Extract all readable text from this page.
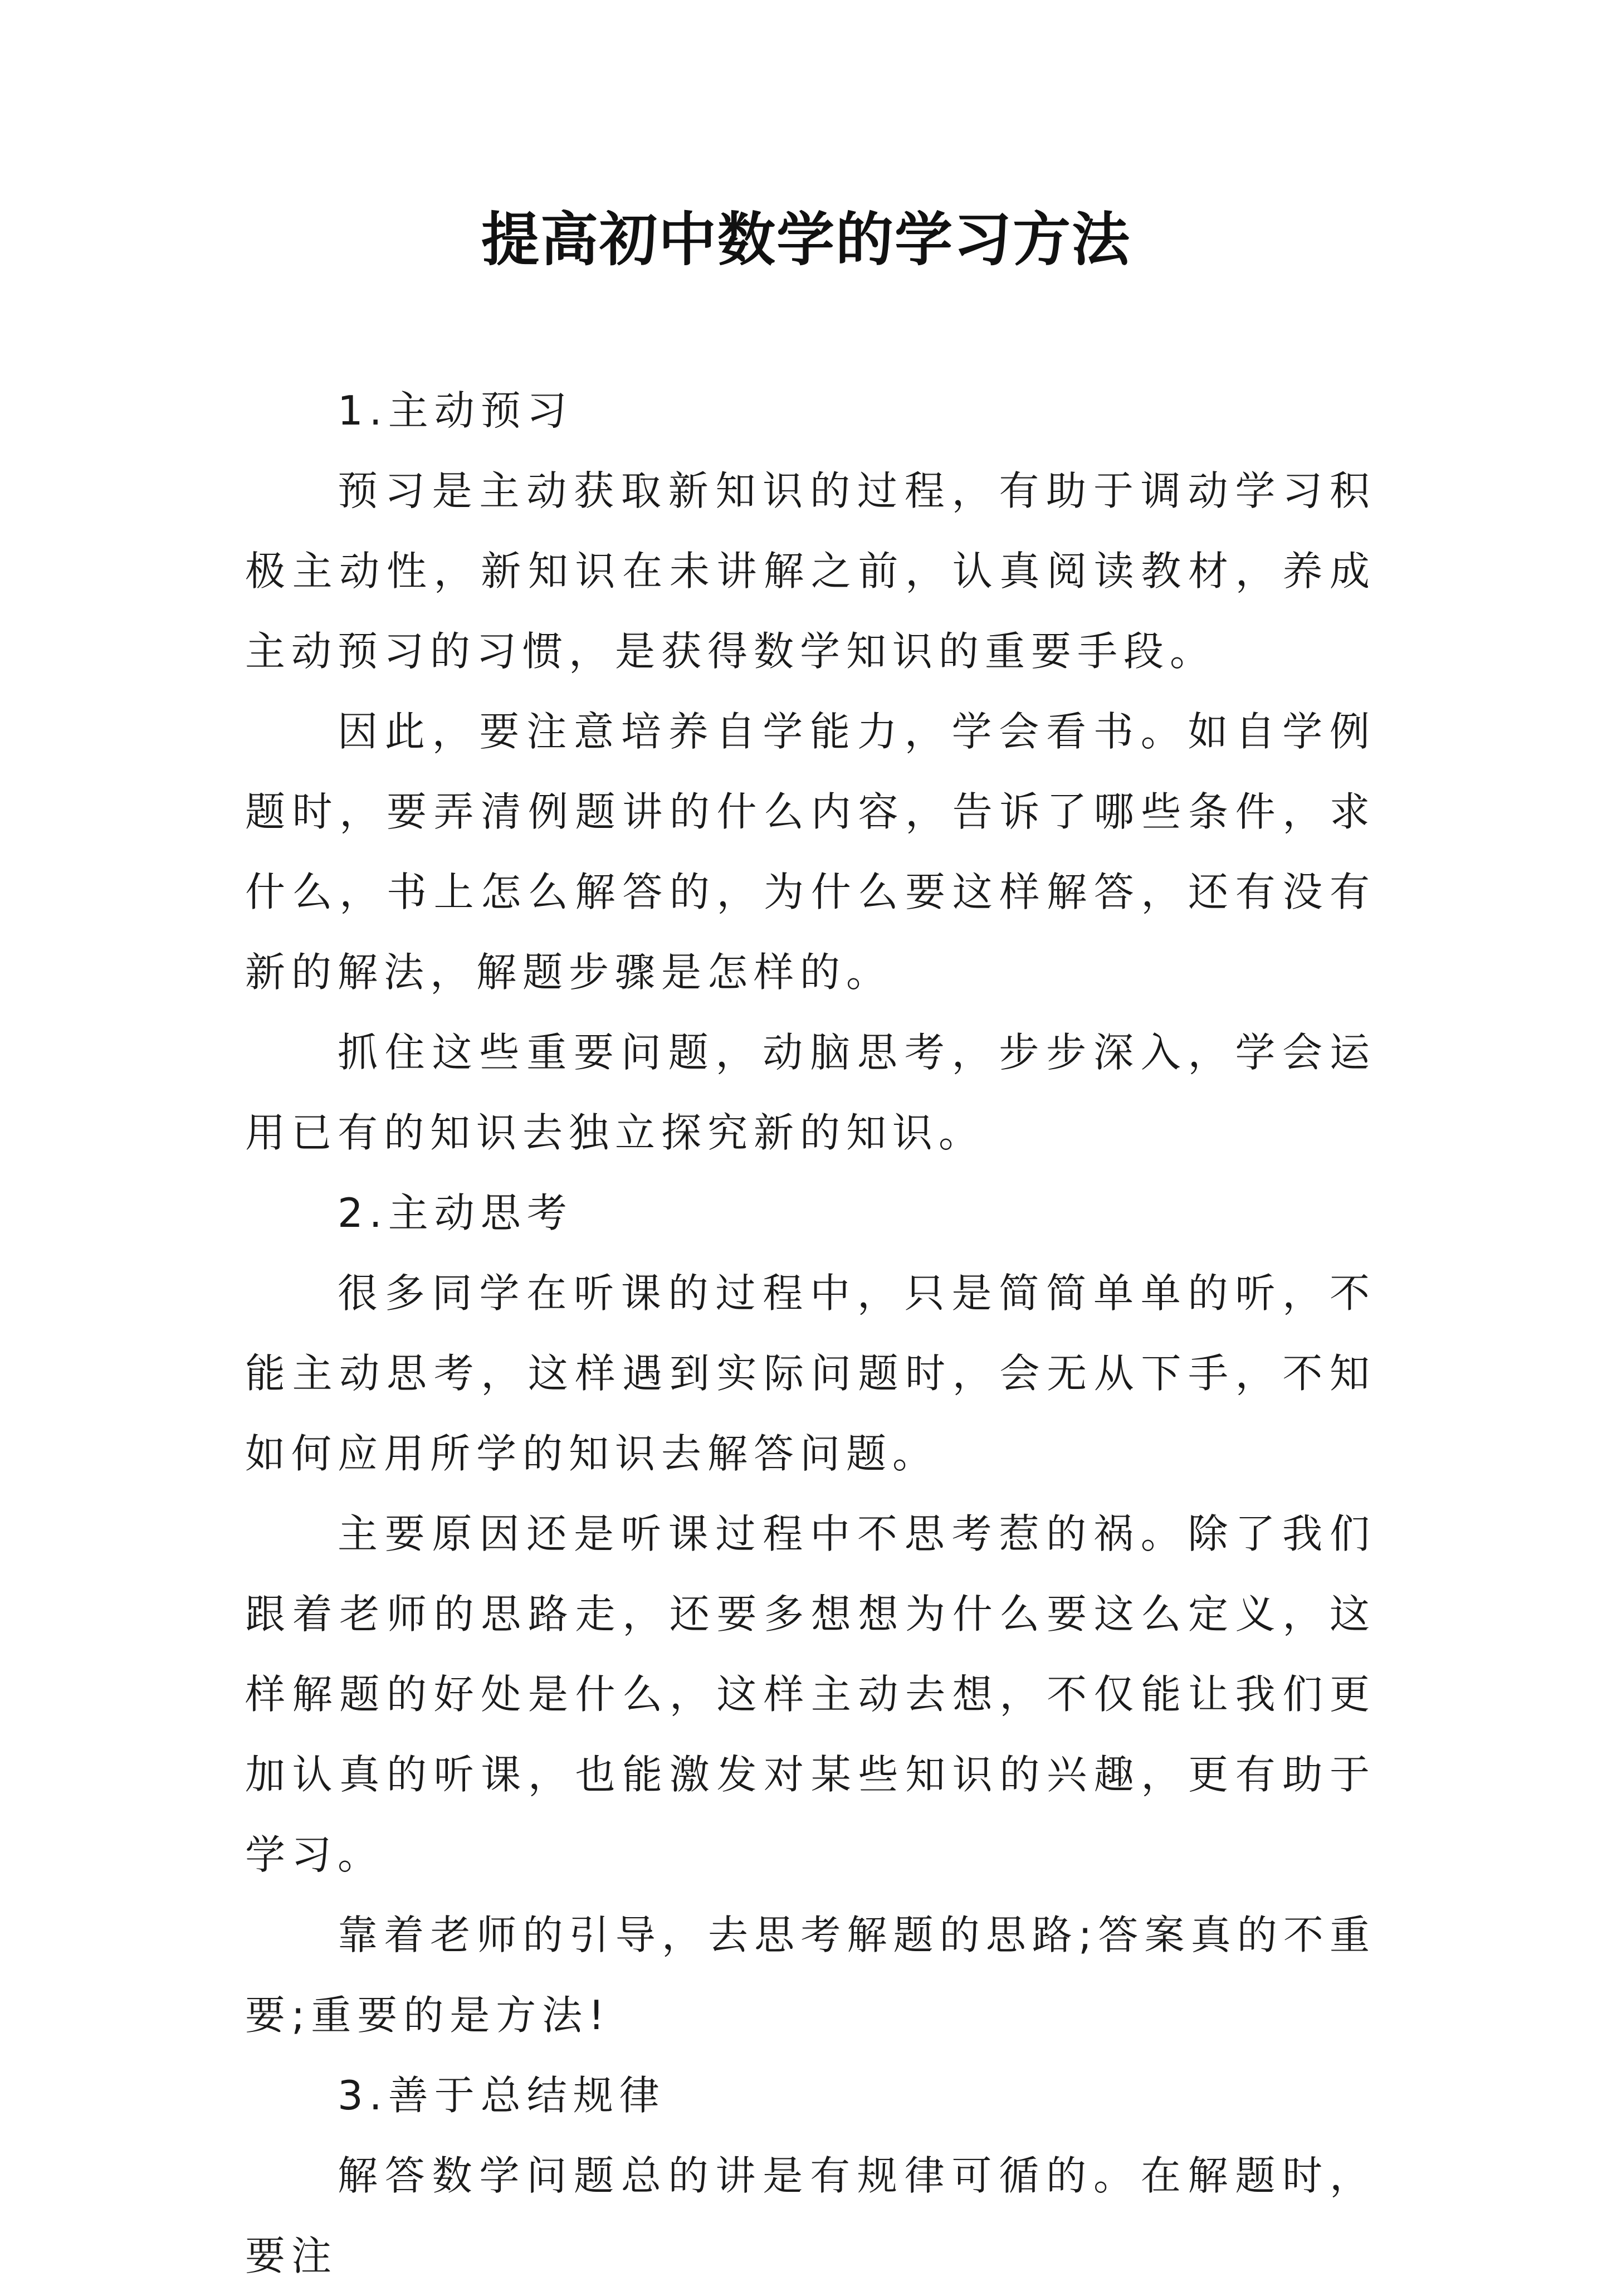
提高初中数学的学习方法

1.主动预习

预习是主动获取新知识的过程，有助于调动学习积极主动性，新知识在未讲解之前，认真阅读教材，养成主动预习的习惯，是获得数学知识的重要手段。

因此，要注意培养自学能力，学会看书。如自学例题时，要弄清例题讲的什么内容，告诉了哪些条件，求什么，书上怎么解答的，为什么要这样解答，还有没有新的解法，解题步骤是怎样的。

抓住这些重要问题，动脑思考，步步深入，学会运用已有的知识去独立探究新的知识。

2.主动思考

很多同学在听课的过程中，只是简简单单的听，不能主动思考，这样遇到实际问题时，会无从下手，不知如何应用所学的知识去解答问题。

主要原因还是听课过程中不思考惹的祸。除了我们跟着老师的思路走，还要多想想为什么要这么定义，这样解题的好处是什么，这样主动去想，不仅能让我们更加认真的听课，也能激发对某些知识的兴趣，更有助于学习。

靠着老师的引导，去思考解题的思路;答案真的不重要;重要的是方法!

3.善于总结规律

解答数学问题总的讲是有规律可循的。在解题时，要注
